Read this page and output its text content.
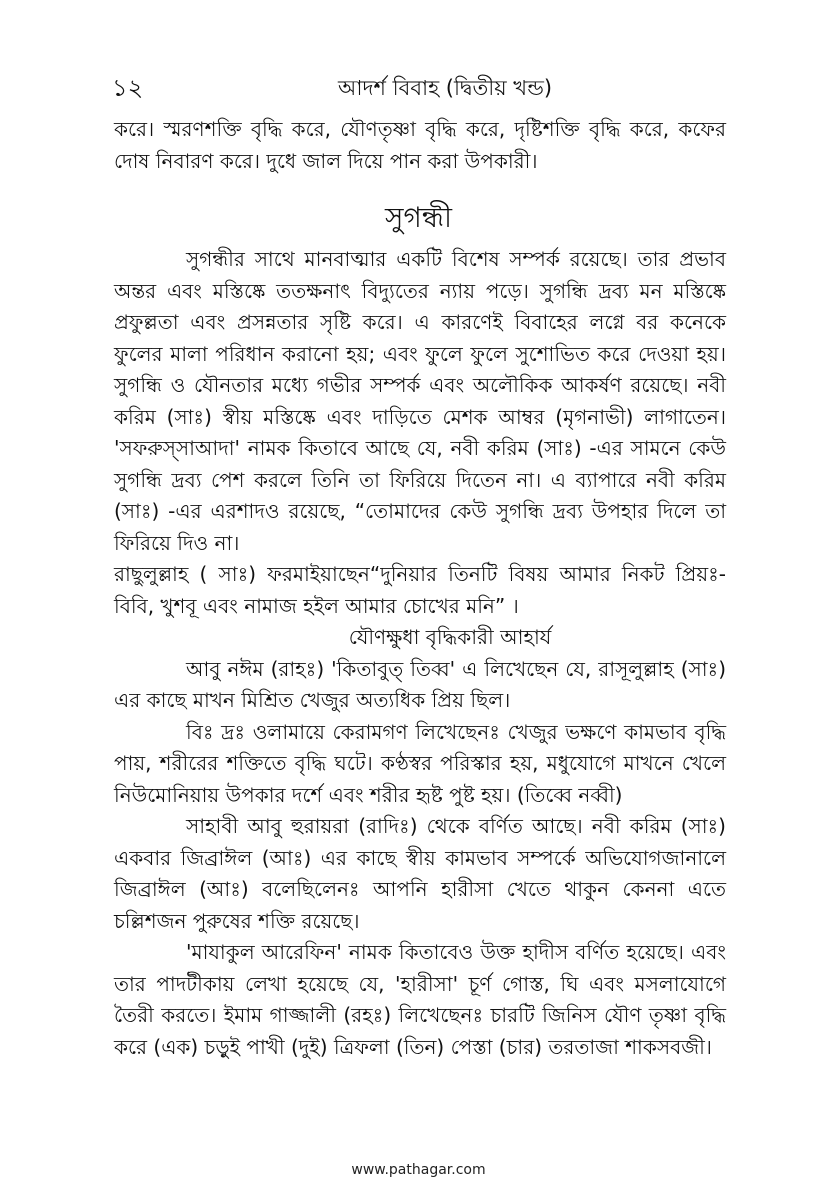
১২	আদর্শ বিবাহ (দ্বিতীয় খন্ড)

করে। স্মরণশক্তি বৃদ্ধি করে, যৌণতৃষ্ণা বৃদ্ধি করে, দৃষ্টিশক্তি বৃদ্ধি করে, কফের দোষ নিবারণ করে। দুধে জাল দিয়ে পান করা উপকারী।

সুগন্ধী

সুগন্ধীর সাথে মানবাত্মার একটি বিশেষ সম্পর্ক রয়েছে। তার প্রভাব অন্তর এবং মস্তিষ্কে ততক্ষনাৎ বিদ্যুতের ন্যায় পড়ে। সুগন্ধি দ্রব্য মন মস্তিষ্কে প্রফুল্লতা এবং প্রসন্নতার সৃষ্টি করে। এ কারণেই বিবাহের লগ্নে বর কনেকে ফুলের মালা পরিধান করানো হয়; এবং ফুলে ফুলে সুশোভিত করে দেওয়া হয়। সুগন্ধি ও যৌনতার মধ্যে গভীর সম্পর্ক এবং অলৌকিক আকর্ষণ রয়েছে। নবী করিম (সাঃ) স্বীয় মস্তিষ্কে এবং দাড়িতে মেশক আম্বর (মৃগনাভী) লাগাতেন। 'সফরুস্সাআদা' নামক কিতাবে আছে যে, নবী করিম (সাঃ) -এর সামনে কেউ সুগন্ধি দ্রব্য পেশ করলে তিনি তা ফিরিয়ে দিতেন না। এ ব্যাপারে নবী করিম (সাঃ) -এর এরশাদও রয়েছে, “তোমাদের কেউ সুগন্ধি দ্রব্য উপহার দিলে তা ফিরিয়ে দিও না।

রাছুলুল্লাহ ( সাঃ) ফরমাইয়াছেন“দুনিয়ার তিনটি বিষয় আমার নিকট প্রিয়ঃ- বিবি, খুশবূ এবং নামাজ হইল আমার চোখের মনি” ।

যৌণক্ষুধা বৃদ্ধিকারী আহার্য

আবু নঈম (রাহঃ) 'কিতাবুত্ তিব্ব' এ লিখেছেন যে, রাসূলুল্লাহ (সাঃ) এর কাছে মাখন মিশ্রিত খেজুর অত্যধিক প্রিয় ছিল।

বিঃ দ্রঃ ওলামায়ে কেরামগণ লিখেছেনঃ খেজুর ভক্ষণে কামভাব বৃদ্ধি পায়, শরীরের শক্তিতে বৃদ্ধি ঘটে। কণ্ঠস্বর পরিস্কার হয়, মধুযোগে মাখনে খেলে নিউমোনিয়ায় উপকার দর্শে এবং শরীর হৃষ্ট পুষ্ট হয়। (তিব্বে নব্বী)

সাহাবী আবু হুরায়রা (রাদিঃ) থেকে বর্ণিত আছে। নবী করিম (সাঃ) একবার জিব্রাঈল (আঃ) এর কাছে স্বীয় কামভাব সম্পর্কে অভিযোগজানালে জিব্রাঈল (আঃ) বলেছিলেনঃ আপনি হারীসা খেতে থাকুন কেননা এতে চল্লিশজন পুরুষের শক্তি রয়েছে।

'মাযাকুল আরেফিন' নামক কিতাবেও উক্ত হাদীস বর্ণিত হয়েছে। এবং তার পাদটীকায় লেখা হয়েছে যে, 'হারীসা' চূর্ণ গোস্ত, ঘি এবং মসলাযোগে তৈরী করতে। ইমাম গাজ্জালী (রহঃ) লিখেছেনঃ চারটি জিনিস যৌণ তৃষ্ণা বৃদ্ধি করে (এক) চড়ুই পাখী (দুই) ত্রিফলা (তিন) পেস্তা (চার) তরতাজা শাকসবজী।

www.pathagar.com
